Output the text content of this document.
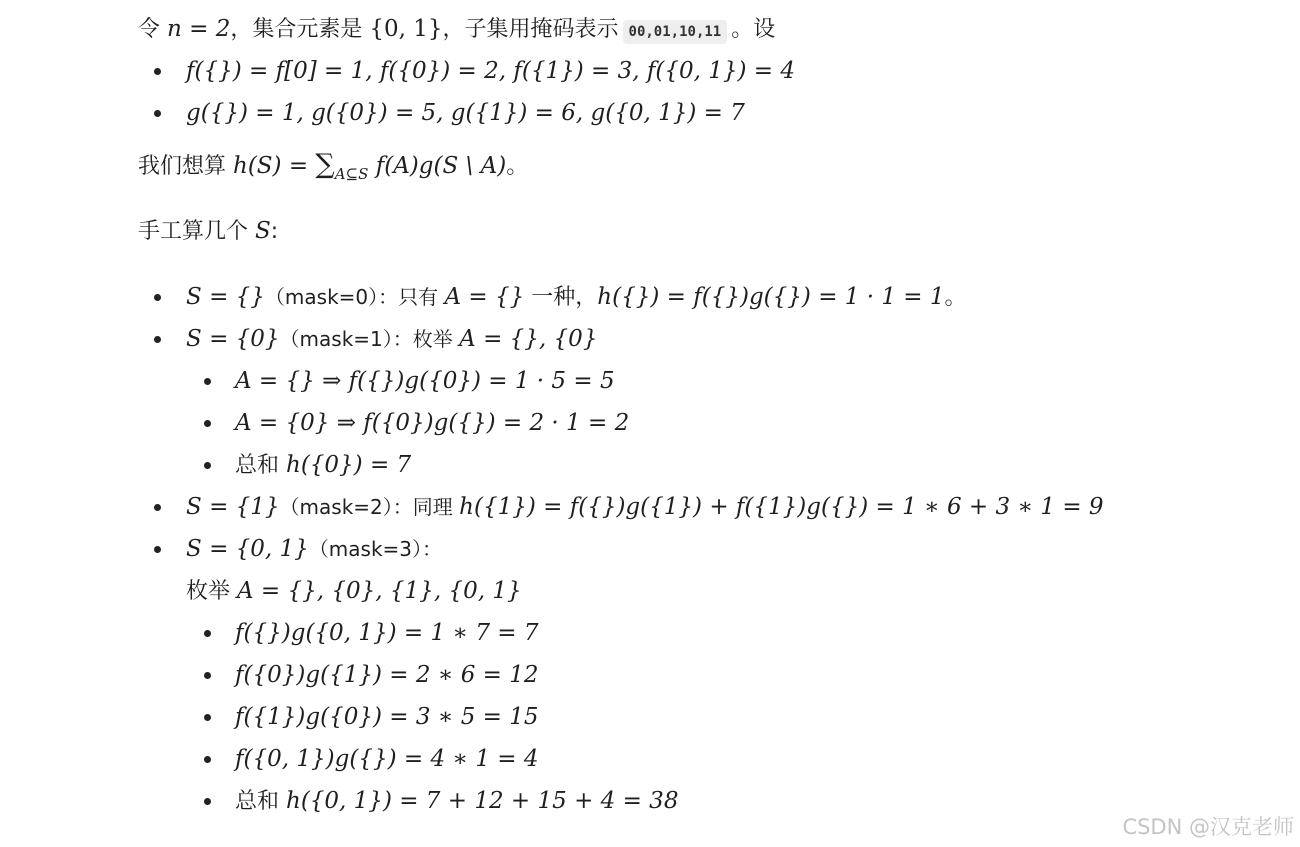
令 n = 2，集合元素是 {0, 1}，子集用掩码表示 00,01,10,11 。设
f({}) = f[0] = 1, f({0}) = 2, f({1}) = 3, f({0, 1}) = 4
g({}) = 1, g({0}) = 5, g({1}) = 6, g({0, 1}) = 7
我们想算 $h(S) = \sum_{A⊆S}$ f(A)g(S \ A)。
手工算几个 S:
S = {}（mask=0）：只有 A = {} 一种，h({}) = f({})g({}) = 1 · 1 = 1。
S = {0}（mask=1）：枚举 A = {}, {0}
A = {} ⇒ f({})g({0}) = 1 · 5 = 5
A = {0} ⇒ f({0})g({}) = 2 · 1 = 2
总和 h({0}) = 7
S = {1}（mask=2）：同理 h({1}) = f({})g({1}) + f({1})g({}) = 1 ∗ 6 + 3 ∗ 1 = 9
S = {0, 1}（mask=3）：
枚举 A = {}, {0}, {1}, {0, 1}
f({})g({0, 1}) = 1 ∗ 7 = 7
f({0})g({1}) = 2 ∗ 6 = 12
f({1})g({0}) = 3 ∗ 5 = 15
f({0, 1})g({}) = 4 ∗ 1 = 4
总和 h({0, 1}) = 7 + 12 + 15 + 4 = 38
CSDN @汉克老师
